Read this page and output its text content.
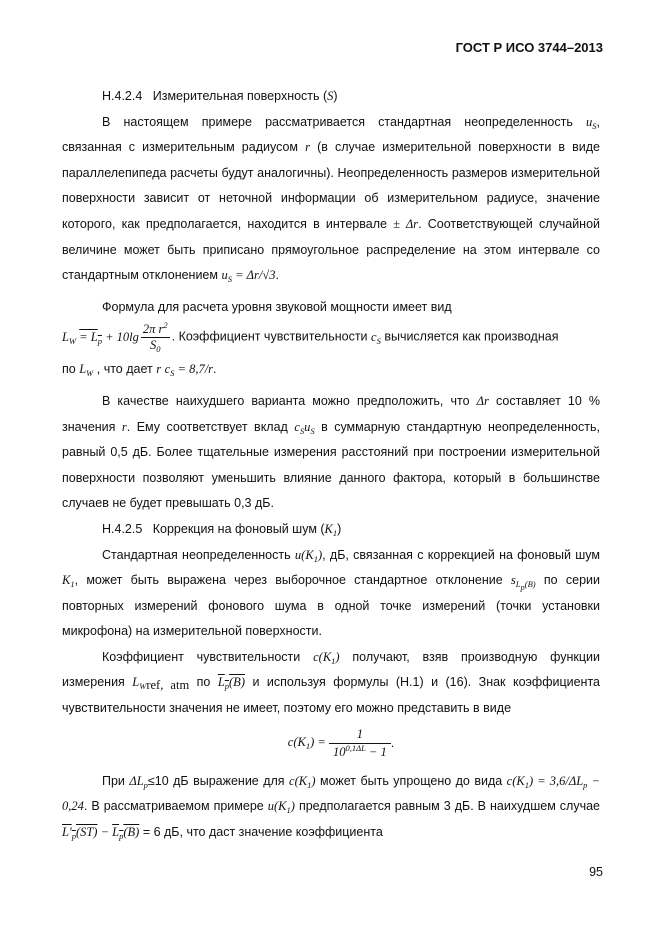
ГОСТ Р ИСО 3744–2013

Н.4.2.4 Измерительная поверхность (S)

В настоящем примере рассматривается стандартная неопределенность $u_S$, связанная с измерительным радиусом r (в случае измерительной поверхности в виде параллелепипеда расчеты будут аналогичны). Неопределенность размеров измерительной поверхности зависит от неточной информации об измерительном радиусе, значение которого, как предполагается, находится в интервале ± Δr. Соответствующей случайной величине может быть приписано прямоугольное распределение на этом интервале со стандартным отклонением $u_S = \Delta r/√3$.

Формула для расчета уровня звуковой мощности имеет вид

$L_W = L_p + 10\lg \frac{2\pi r^2}{S_0}$ . Коэффициент чувствительности $c_S$ вычисляется как производная

по $L_W$ , что дает r $c_S = 8,7/r$.

В качестве наихудшего варианта можно предположить, что Δr составляет 10 % значения r. Ему соответствует вклад $c_Su_S$ в суммарную стандартную неопределенность, равный 0,5 дБ. Более тщательные измерения расстояний при построении измерительной поверхности позволяют уменьшить влияние данного фактора, который в большинстве случаев не будет превышать 0,3 дБ.

Н.4.2.5 Коррекция на фоновый шум $(K_1)$

Стандартная неопределенность $u(K_1)$, дБ, связанная с коррекцией на фоновый шум $K_1$, может быть выражена через выборочное стандартное отклонение $s_{L_p(B)}$ по серии повторных измерений фонового шума в одной точке измерений (точки установки микрофона) на измерительной поверхности.

Коэффициент чувствительности $c(K_1)$ получают, взяв производную функции измерения $L_{Wref, atm}$ по $L_p(B)$ и используя формулы (Н.1) и (16). Знак коэффициента чувствительности значения не имеет, поэтому его можно представить в виде

$c(K_1) = \frac{1}{10^{0,1\Delta L} - 1}$ .

При $\Delta L_p\le 10$ дБ выражение для $c(K_1)$ может быть упрощено до вида $c(K_1) = 3,6/\Delta L_p - 0,24$. В рассматриваемом примере $u(K_1)$ предполагается равным 3 дБ. В наихудшем случае $L'_p(ST) - L_p(B) = 6$ дБ, что даст значение коэффициента

95
